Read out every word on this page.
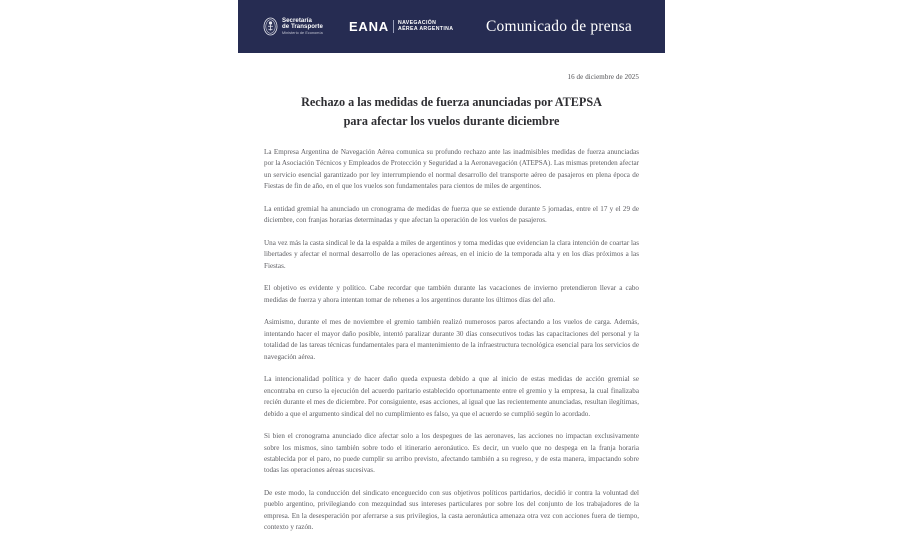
Secretaría
de Transporte
Ministerio de Economía EANA NAVEGACIÓN
AÉREA ARGENTINA Comunicado de prensa
16 de diciembre de 2025
Rechazo a las medidas de fuerza anunciadas por ATEPSA
para afectar los vuelos durante diciembre

La Empresa Argentina de Navegación Aérea comunica su profundo rechazo ante las inadmisibles medidas de fuerza anunciadas por la Asociación Técnicos y Empleados de Protección y Seguridad a la Aeronavegación (ATEPSA). Las mismas pretenden afectar un servicio esencial garantizado por ley interrumpiendo el normal desarrollo del transporte aéreo de pasajeros en plena época de Fiestas de fin de año, en el que los vuelos son fundamentales para cientos de miles de argentinos.

La entidad gremial ha anunciado un cronograma de medidas de fuerza que se extiende durante 5 jornadas, entre el 17 y el 29 de diciembre, con franjas horarias determinadas y que afectan la operación de los vuelos de pasajeros.

Una vez más la casta sindical le da la espalda a miles de argentinos y toma medidas que evidencian la clara intención de coartar las libertades y afectar el normal desarrollo de las operaciones aéreas, en el inicio de la temporada alta y en los días próximos a las Fiestas.

El objetivo es evidente y político. Cabe recordar que también durante las vacaciones de invierno pretendieron llevar a cabo medidas de fuerza y ahora intentan tomar de rehenes a los argentinos durante los últimos días del año.

Asimismo, durante el mes de noviembre el gremio también realizó numerosos paros afectando a los vuelos de carga. Además, intentando hacer el mayor daño posible, intentó paralizar durante 30 días consecutivos todas las capacitaciones del personal y la totalidad de las tareas técnicas fundamentales para el mantenimiento de la infraestructura tecnológica esencial para los servicios de navegación aérea.

La intencionalidad política y de hacer daño queda expuesta debido a que al inicio de estas medidas de acción gremial se encontraba en curso la ejecución del acuerdo paritario establecido oportunamente entre el gremio y la empresa, la cual finalizaba recién durante el mes de diciembre. Por consiguiente, esas acciones, al igual que las recientemente anunciadas, resultan ilegítimas, debido a que el argumento sindical del no cumplimiento es falso, ya que el acuerdo se cumplió según lo acordado.

Si bien el cronograma anunciado dice afectar solo a los despegues de las aeronaves, las acciones no impactan exclusivamente sobre los mismos, sino también sobre todo el itinerario aeronáutico. Es decir, un vuelo que no despega en la franja horaria establecida por el paro, no puede cumplir su arribo previsto, afectando también a su regreso, y de esta manera, impactando sobre todas las operaciones aéreas sucesivas.

De este modo, la conducción del sindicato enceguecido con sus objetivos políticos partidarios, decidió ir contra la voluntad del pueblo argentino, privilegiando con mezquindad sus intereses particulares por sobre los del conjunto de los trabajadores de la empresa. En la desesperación por aferrarse a sus privilegios, la casta aeronáutica amenaza otra vez con acciones fuera de tiempo, contexto y razón.
